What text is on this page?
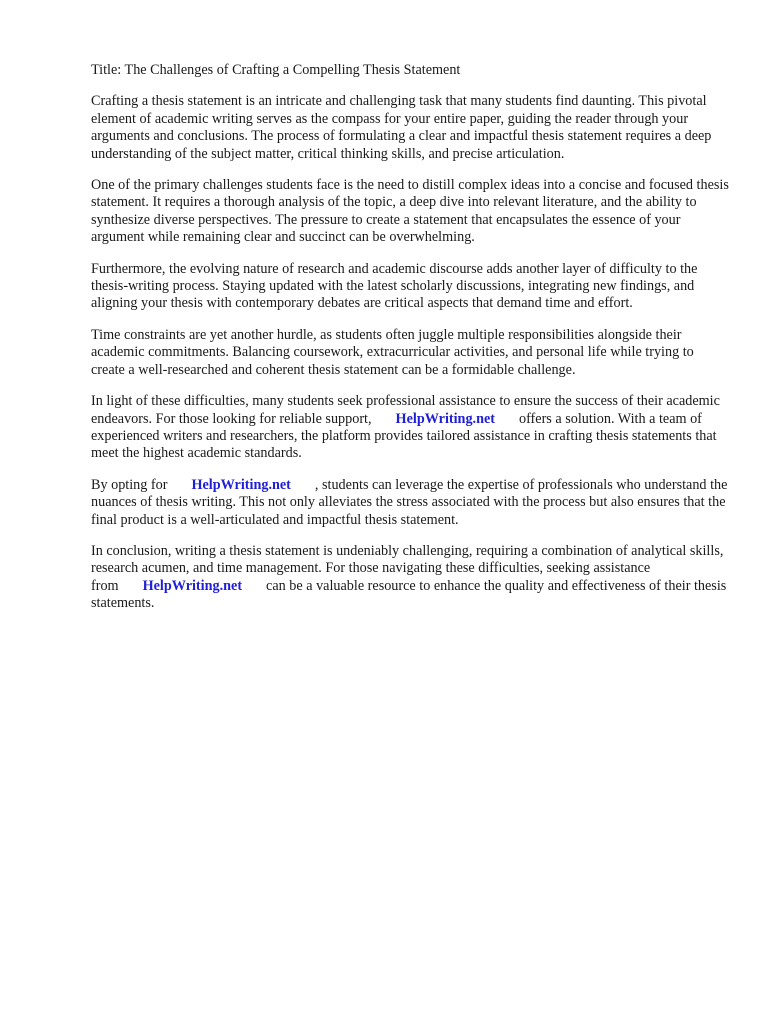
Title: The Challenges of Crafting a Compelling Thesis Statement

Crafting a thesis statement is an intricate and challenging task that many students find daunting. This pivotal element of academic writing serves as the compass for your entire paper, guiding the reader through your arguments and conclusions. The process of formulating a clear and impactful thesis statement requires a deep understanding of the subject matter, critical thinking skills, and precise articulation.

One of the primary challenges students face is the need to distill complex ideas into a concise and focused thesis statement. It requires a thorough analysis of the topic, a deep dive into relevant literature, and the ability to synthesize diverse perspectives. The pressure to create a statement that encapsulates the essence of your argument while remaining clear and succinct can be overwhelming.

Furthermore, the evolving nature of research and academic discourse adds another layer of difficulty to the thesis-writing process. Staying updated with the latest scholarly discussions, integrating new findings, and aligning your thesis with contemporary debates are critical aspects that demand time and effort.

Time constraints are yet another hurdle, as students often juggle multiple responsibilities alongside their academic commitments. Balancing coursework, extracurricular activities, and personal life while trying to create a well-researched and coherent thesis statement can be a formidable challenge.

In light of these difficulties, many students seek professional assistance to ensure the success of their academic endeavors. For those looking for reliable support, HelpWriting.net offers a solution. With a team of experienced writers and researchers, the platform provides tailored assistance in crafting thesis statements that meet the highest academic standards.

By opting for HelpWriting.net , students can leverage the expertise of professionals who understand the nuances of thesis writing. This not only alleviates the stress associated with the process but also ensures that the final product is a well-articulated and impactful thesis statement.

In conclusion, writing a thesis statement is undeniably challenging, requiring a combination of analytical skills, research acumen, and time management. For those navigating these difficulties, seeking assistance from HelpWriting.net can be a valuable resource to enhance the quality and effectiveness of their thesis statements.
